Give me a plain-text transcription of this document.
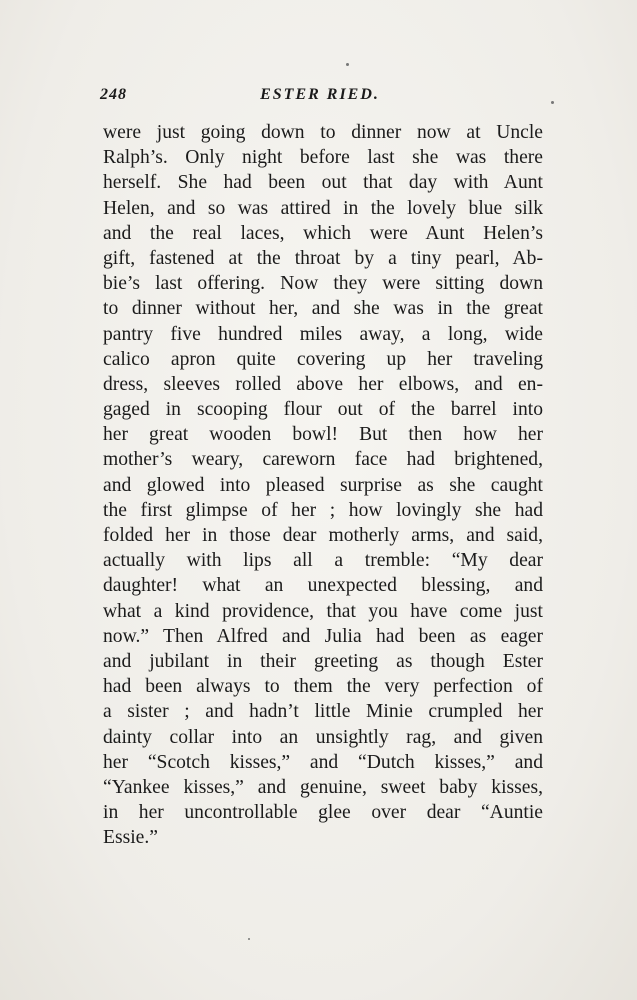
248	ESTER RIED.
were just going down to dinner now at Uncle
Ralph’s. Only night before last she was there
herself. She had been out that day with Aunt
Helen, and so was attired in the lovely blue silk
and the real laces, which were Aunt Helen’s
gift, fastened at the throat by a tiny pearl, Ab-
bie’s last offering. Now they were sitting down
to dinner without her, and she was in the great
pantry five hundred miles away, a long, wide
calico apron quite covering up her traveling
dress, sleeves rolled above her elbows, and en-
gaged in scooping flour out of the barrel into
her great wooden bowl! But then how her
mother’s weary, careworn face had brightened,
and glowed into pleased surprise as she caught
the first glimpse of her ; how lovingly she had
folded her in those dear motherly arms, and said,
actually with lips all a tremble: “My dear
daughter! what an unexpected blessing, and
what a kind providence, that you have come just
now.” Then Alfred and Julia had been as eager
and jubilant in their greeting as though Ester
had been always to them the very perfection of
a sister ; and hadn’t little Minie crumpled her
dainty collar into an unsightly rag, and given
her “Scotch kisses,” and “Dutch kisses,” and
“Yankee kisses,” and genuine, sweet baby kisses,
in her uncontrollable glee over dear “Auntie
Essie.”
